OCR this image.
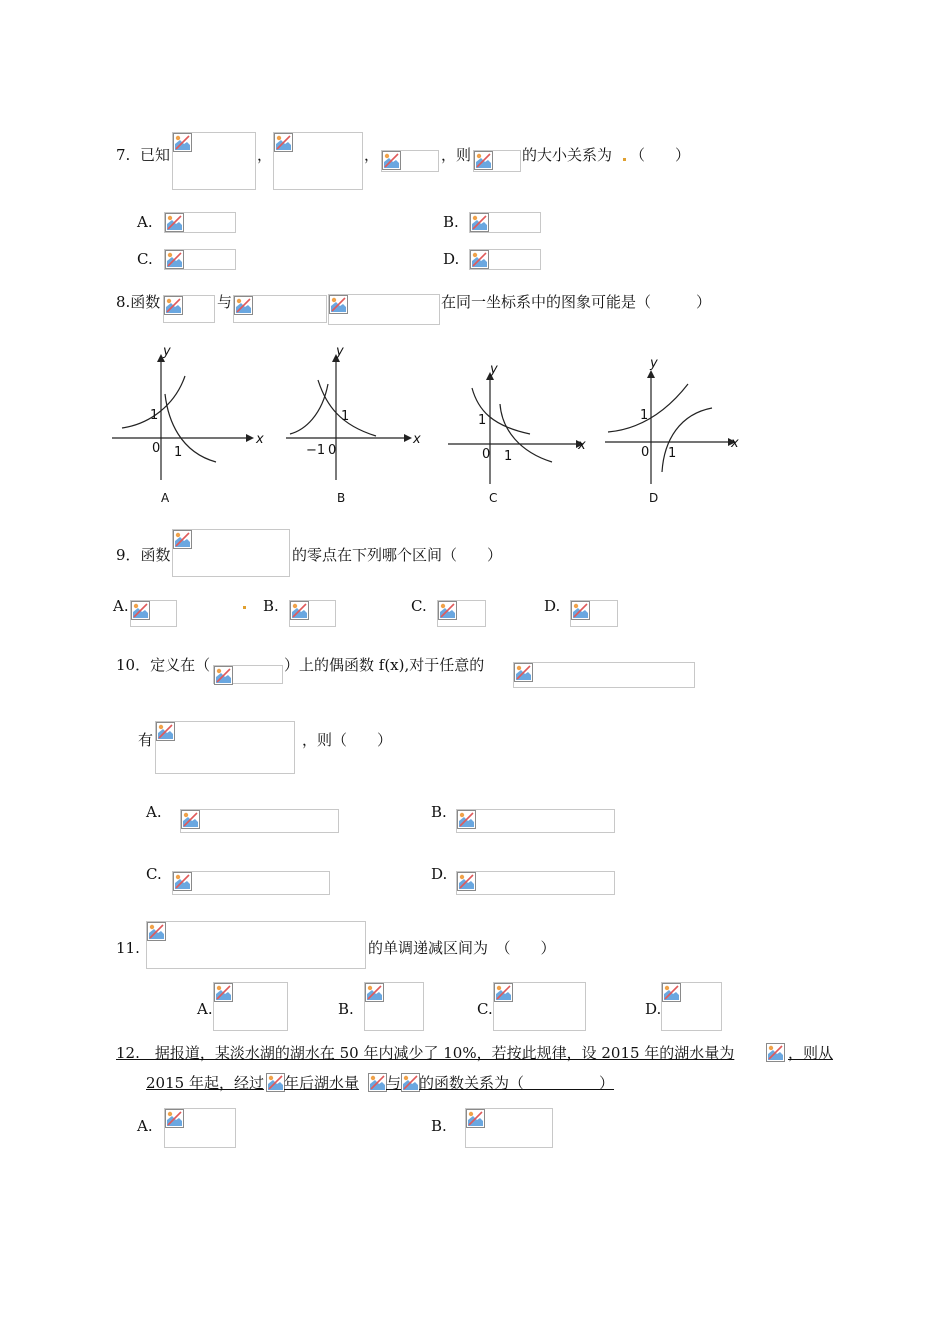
7. 已知	，	，	，则	的大小关系为 （　　）
A.	B.
C.	D.
8.函数	与	在同一坐标系中的图象可能是（　　　）
y
x
1
0 1
A
y
x
1
0
−1
B
y
x
1
0 1
C
y
x
1
0 1
D
9．函数	的零点在下列哪个区间（　　）
A.	B.	C.	D.
10．定义在（	）上的偶函数 f(x),对于任意的
有	，则（　　）
A.	B.
C.	D.
11.	的单调递减区间为　（　　）
A.	B.	C.	D.
12.　据报道，某淡水湖的湖水在 50 年内减少了 10%，若按此规律，设 2015 年的湖水量为	，则从
2015 年起，经过 年后湖水量 与 的函数关系为（　　　　　）
A.	B.
